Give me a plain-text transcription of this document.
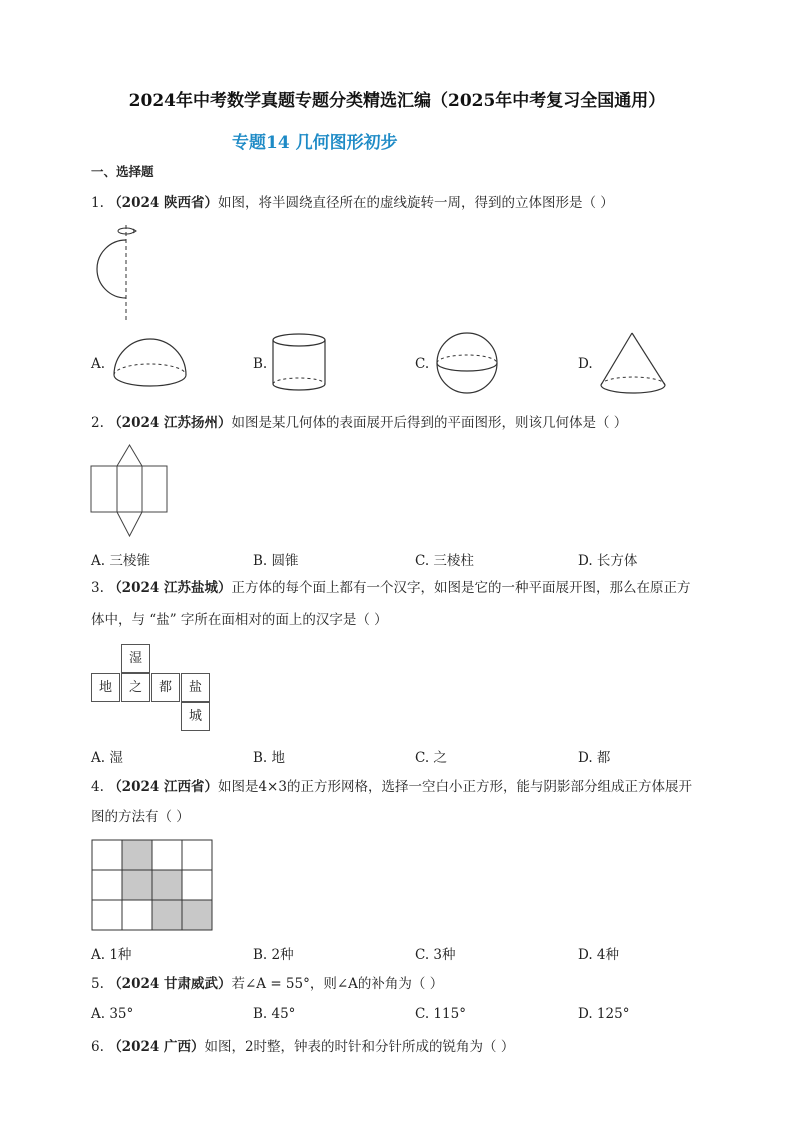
2024年中考数学真题专题分类精选汇编（2025年中考复习全国通用）
专题14 几何图形初步
一、选择题
1. （2024 陕西省）如图，将半圆绕直径所在的虚线旋转一周，得到的立体图形是（ ）
A.	B.	C.	D.
2. （2024 江苏扬州）如图是某几何体的表面展开后得到的平面图形，则该几何体是（ ）
A. 三棱锥	B. 圆锥	C. 三棱柱	D. 长方体
3. （2024 江苏盐城）正方体的每个面上都有一个汉字，如图是它的一种平面展开图，那么在原正方
体中，与 “盐” 字所在面相对的面上的汉字是（ ）
湿
地	之	都	盐
城
A. 湿	B. 地	C. 之	D. 都
4. （2024 江西省）如图是4×3的正方形网格，选择一空白小正方形，能与阴影部分组成正方体展开
图的方法有（ ）
A. 1种	B. 2种	C. 3种	D. 4种
5. （2024 甘肃威武）若∠A = 55°，则∠A的补角为（ ）
A. 35°	B. 45°	C. 115°	D. 125°
6. （2024 广西）如图，2时整，钟表的时针和分针所成的锐角为（ ）
